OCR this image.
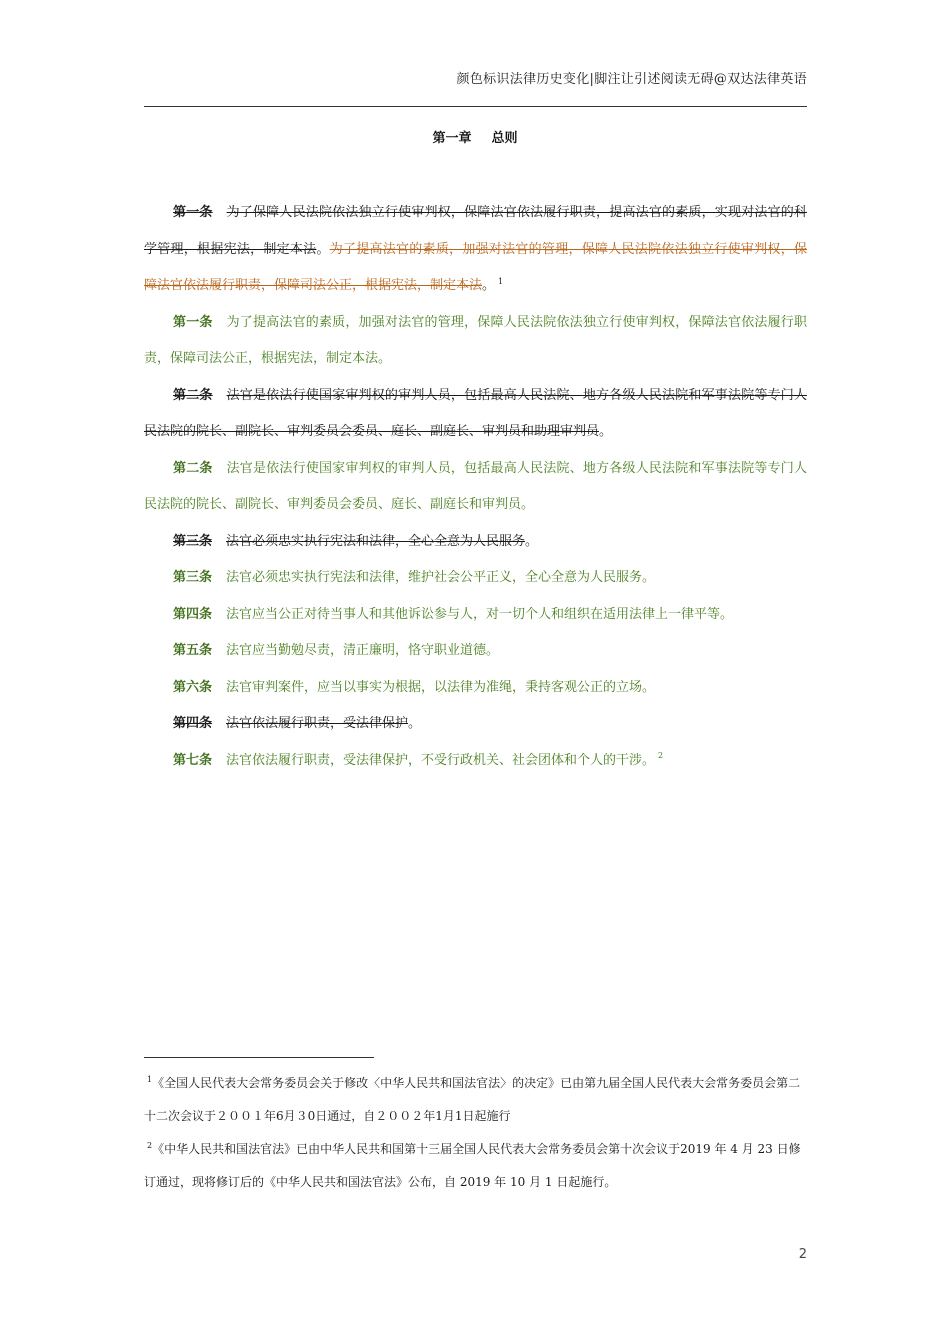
颜色标识法律历史变化|脚注让引述阅读无碍@双达法律英语
第一章 总则

第一条 为了保障人民法院依法独立行使审判权，保障法官依法履行职责，提高法官的素质，实现对法官的科学管理，根据宪法，制定本法。为了提高法官的素质，加强对法官的管理，保障人民法院依法独立行使审判权，保障法官依法履行职责，保障司法公正，根据宪法，制定本法。 $^1$

第一条 为了提高法官的素质，加强对法官的管理，保障人民法院依法独立行使审判权，保障法官依法履行职责，保障司法公正，根据宪法，制定本法。

第二条 法官是依法行使国家审判权的审判人员，包括最高人民法院、地方各级人民法院和军事法院等专门人民法院的院长、副院长、审判委员会委员、庭长、副庭长、审判员和助理审判员。

第二条 法官是依法行使国家审判权的审判人员，包括最高人民法院、地方各级人民法院和军事法院等专门人民法院的院长、副院长、审判委员会委员、庭长、副庭长和审判员。

第三条 法官必须忠实执行宪法和法律，全心全意为人民服务。

第三条 法官必须忠实执行宪法和法律，维护社会公平正义，全心全意为人民服务。

第四条 法官应当公正对待当事人和其他诉讼参与人，对一切个人和组织在适用法律上一律平等。

第五条 法官应当勤勉尽责，清正廉明，恪守职业道德。

第六条 法官审判案件，应当以事实为根据，以法律为准绳，秉持客观公正的立场。

第四条 法官依法履行职责，受法律保护。

第七条 法官依法履行职责，受法律保护，不受行政机关、社会团体和个人的干涉。 $^2$

$^1$《全国人民代表大会常务委员会关于修改〈中华人民共和国法官法〉的决定》已由第九届全国人民代表大会常务委员会第二十二次会议于２００１年6月３0日通过，自２００２年1月1日起施行

$^2$《中华人民共和国法官法》已由中华人民共和国第十三届全国人民代表大会常务委员会第十次会议于2019 年 4 月 23 日修订通过，现将修订后的《中华人民共和国法官法》公布，自 2019 年 10 月 1 日起施行。

2
